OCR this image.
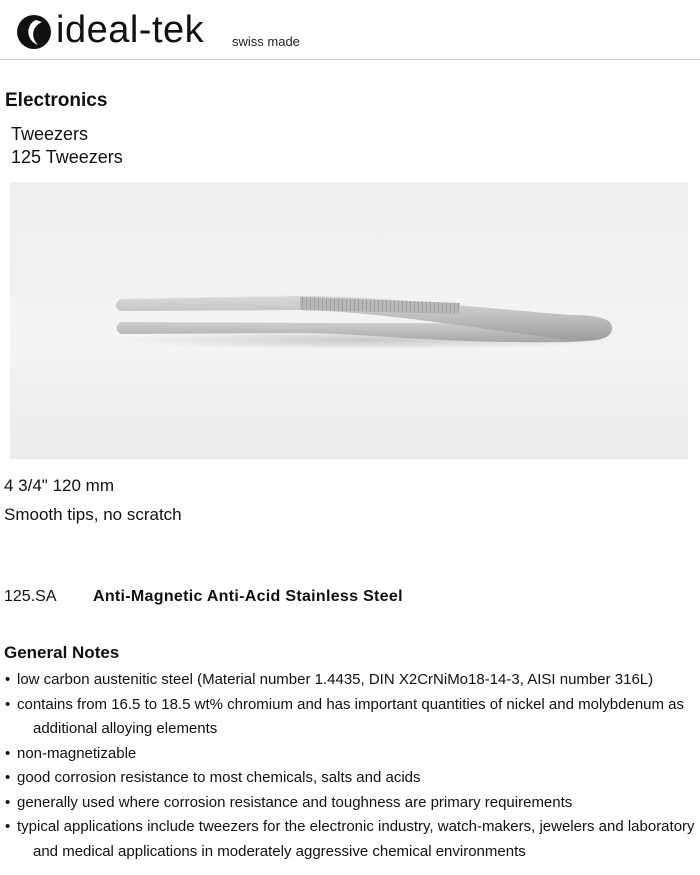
ideal-tek swiss made
Electronics
Tweezers
125 Tweezers
4 3/4" 120 mm
Smooth tips, no scratch
125.SA Anti-Magnetic Anti-Acid Stainless Steel
General Notes
• low carbon austenitic steel (Material number 1.4435, DIN X2CrNiMo18-14-3, AISI number 316L)
• contains from 16.5 to 18.5 wt% chromium and has important quantities of nickel and molybdenum as additional alloying elements
• non-magnetizable
• good corrosion resistance to most chemicals, salts and acids
• generally used where corrosion resistance and toughness are primary requirements
• typical applications include tweezers for the electronic industry, watch-makers, jewelers and laboratory and medical applications in moderately aggressive chemical environments
